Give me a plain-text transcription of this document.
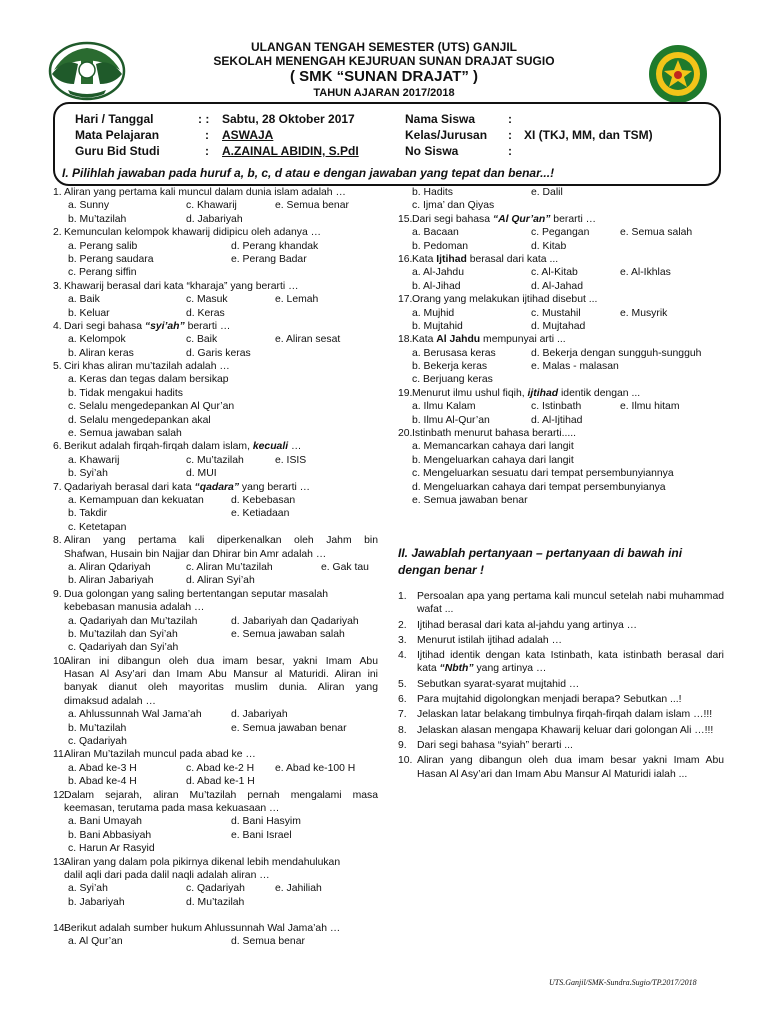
ULANGAN TENGAH SEMESTER (UTS) GANJIL
SEKOLAH MENENGAH KEJURUAN SUNAN DRAJAT SUGIO
( SMK “SUNAN DRAJAT” )
TAHUN AJARAN 2017/2018
Hari / Tanggal	: : Sabtu, 28 Oktober 2017
Mata Pelajaran	: ASWAJA
Guru Bid Studi	: A.ZAINAL ABIDIN, S.PdI
Nama Siswa	:
Kelas/Jurusan : XI (TKJ, MM, dan TSM)
No Siswa	:
I. Pilihlah jawaban pada huruf a, b, c, d atau e dengan jawaban yang tepat dan benar...!
1. Aliran yang pertama kali muncul dalam dunia islam adalah …
a. Sunny	c. Khawarij	e. Semua benar
b. Mu’tazilah	d. Jabariyah
2. Kemunculan kelompok khawarij didipicu oleh adanya …
a. Perang salib	d. Perang khandak
b. Perang saudara	e. Perang Badar
c. Perang siffin
3. Khawarij berasal dari kata “kharaja” yang berarti …
a. Baik	c. Masuk	e. Lemah
b. Keluar	d. Keras
4. Dari segi bahasa “syi’ah” berarti …
a. Kelompok	c. Baik	e. Aliran sesat
b. Aliran keras	d. Garis keras
5. Ciri khas aliran mu’tazilah adalah …
a. Keras dan tegas dalam bersikap
b. Tidak mengakui hadits
c. Selalu mengedepankan Al Qur’an
d. Selalu mengedepankan akal
e. Semua jawaban salah
6. Berikut adalah firqah-firqah dalam islam, kecuali …
a. Khawarij	c. Mu’tazilah	e. ISIS
b. Syi’ah	d. MUI
7. Qadariyah berasal dari kata “qadara” yang berarti …
a. Kemampuan dan kekuatan	d. Kebebasan
b. Takdir	e. Ketiadaan
c. Ketetapan
8. Aliran yang pertama kali diperkenalkan oleh Jahm bin
Shafwan, Husain bin Najjar dan Dhirar bin Amr adalah …
a. Aliran Qdariyah	c. Aliran Mu’tazilah	e. Gak tau
b. Aliran Jabariyah	d. Aliran Syi’ah
9. Dua golongan yang saling bertentangan seputar masalah
kebebasan manusia adalah …
a. Qadariyah dan Mu’tazilah	d. Jabariyah dan Qadariyah
b. Mu’tazilah dan Syi’ah	e. Semua jawaban salah
c. Qadariyah dan Syi’ah
10.
Aliran ini dibangun oleh dua imam besar, yakni Imam Abu
Hasan Al Asy’ari dan Imam Abu Mansur al Maturidi. Aliran ini
banyak dianut oleh mayoritas muslim dunia. Aliran yang
dimaksud adalah …
a. Ahlussunnah Wal Jama’ah	d. Jabariyah
b. Mu’tazilah	e. Semua jawaban benar
c. Qadariyah
11.
Aliran Mu’tazilah muncul pada abad ke …
a. Abad ke-3 H	c. Abad ke-2 H e. Abad ke-100 H
b. Abad ke-4 H	d. Abad ke-1 H
12.
Dalam sejarah, aliran Mu’tazilah pernah mengalami masa
keemasan, terutama pada masa kekuasaan …
a. Bani Umayah	d. Bani Hasyim
b. Bani Abbasiyah	e. Bani Israel
c. Harun Ar Rasyid
13.
Aliran yang dalam pola pikirnya dikenal lebih mendahulukan
dalil aqli dari pada dalil naqli adalah aliran …
a. Syi’ah	c. Qadariyah	e. Jahiliah
b. Jabariyah	d. Mu’tazilah
14.
Berikut adalah sumber hukum Ahlussunnah Wal Jama’ah …
a. Al Qur’an	d. Semua benar
b. Hadits	e. Dalil
c. Ijma’ dan Qiyas
15. Dari segi bahasa “Al Qur’an” berarti …
a. Bacaan	c. Pegangan	e. Semua salah
b. Pedoman	d. Kitab
16. Kata Ijtihad berasal dari kata ...
a. Al-Jahdu	c. Al-Kitab	e. Al-Ikhlas
b. Al-Jihad	d. Al-Jahad
17. Orang yang melakukan ijtihad disebut ...
a. Mujhid	c. Mustahil	e. Musyrik
b. Mujtahid	d. Mujtahad
18. Kata Al Jahdu mempunyai arti ...
a. Berusasa keras	d. Bekerja dengan sungguh-sungguh
b. Bekerja keras	e. Malas - malasan
c. Berjuang keras
19. Menurut ilmu ushul fiqih, ijtihad identik dengan ...
a. Ilmu Kalam	c. Istinbath	e. Ilmu hitam
b. Ilmu Al-Qur’an	d. Al-Ijtihad
20. Istinbath menurut bahasa berarti.....
a. Memancarkan cahaya dari langit
b. Mengeluarkan cahaya dari langit
c. Mengeluarkan sesuatu dari tempat persembunyiannya
d. Mengeluarkan cahaya dari tempat persembunyianya
e. Semua jawaban benar
II. Jawablah pertanyaan – pertanyaan di bawah ini dengan benar !
1. Persoalan apa yang pertama kali muncul setelah nabi muhammad wafat ...
2. Ijtihad berasal dari kata al-jahdu yang artinya …
3. Menurut istilah ijtihad adalah …
4. Ijtihad identik dengan kata Istinbath, kata istinbath berasal dari kata “Nbth” yang artinya …
5. Sebutkan syarat-syarat mujtahid …
6. Para mujtahid digolongkan menjadi berapa? Sebutkan ...!
7. Jelaskan latar belakang timbulnya firqah-firqah dalam islam …!!!
8. Jelaskan alasan mengapa Khawarij keluar dari golongan Ali …!!!
9. Dari segi bahasa “syiah” berarti ...
10. Aliran yang dibangun oleh dua imam besar yakni Imam Abu Hasan Al Asy’ari dan Imam Abu Mansur Al Maturidi ialah ...
UTS.Ganjil/SMK-Sundra.Sugio/TP.2017/2018
